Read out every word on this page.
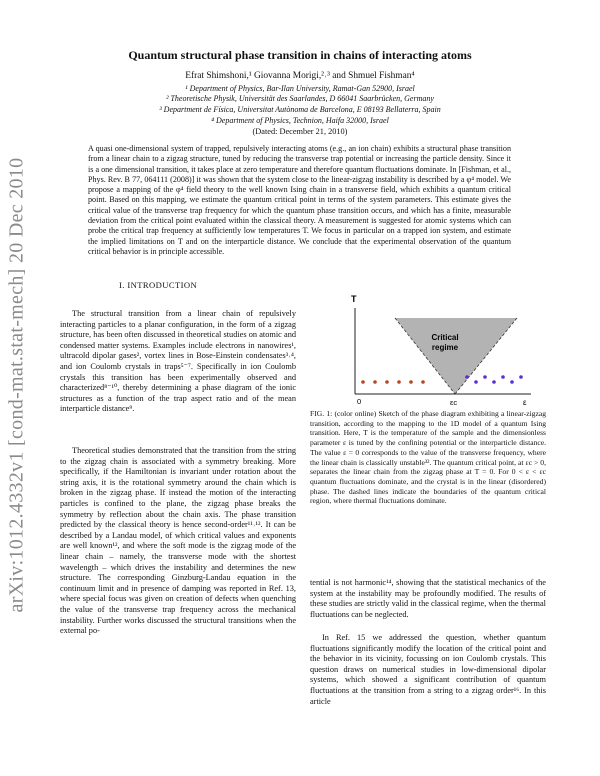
arXiv:1012.4332v1 [cond-mat.stat-mech] 20 Dec 2010
Quantum structural phase transition in chains of interacting atoms
Efrat Shimshoni,¹ Giovanna Morigi,²˒³ and Shmuel Fishman⁴
¹ Department of Physics, Bar-Ilan University, Ramat-Gan 52900, Israel
² Theoretische Physik, Universität des Saarlandes, D 66041 Saarbrücken, Germany
³ Department de Física, Universitat Autònoma de Barcelona, E 08193 Bellaterra, Spain
⁴ Department of Physics, Technion, Haifa 32000, Israel
(Dated: December 21, 2010)

A quasi one-dimensional system of trapped, repulsively interacting atoms (e.g., an ion chain) exhibits a structural phase transition from a linear chain to a zigzag structure, tuned by reducing the transverse trap potential or increasing the particle density. Since it is a one dimensional transition, it takes place at zero temperature and therefore quantum fluctuations dominate. In [Fishman, et al., Phys. Rev. B 77, 064111 (2008)] it was shown that the system close to the linear-zigzag instability is described by a φ⁴ model. We propose a mapping of the φ⁴ field theory to the well known Ising chain in a transverse field, which exhibits a quantum critical point. Based on this mapping, we estimate the quantum critical point in terms of the system parameters. This estimate gives the critical value of the transverse trap frequency for which the quantum phase transition occurs, and which has a finite, measurable deviation from the critical point evaluated within the classical theory. A measurement is suggested for atomic systems which can probe the critical trap frequency at sufficiently low temperatures T. We focus in particular on a trapped ion system, and estimate the implied limitations on T and on the interparticle distance. We conclude that the experimental observation of the quantum critical behavior is in principle accessible.

I. INTRODUCTION

The structural transition from a linear chain of repulsively interacting particles to a planar configuration, in the form of a zigzag structure, has been often discussed in theoretical studies on atomic and condensed matter systems. Examples include electrons in nanowires¹, ultracold dipolar gases², vortex lines in Bose-Einstein condensates³˒⁴, and ion Coulomb crystals in traps⁵⁻⁷. Specifically in ion Coulomb crystals this transition has been experimentally observed and characterized⁸⁻¹⁰, thereby determining a phase diagram of the ionic structures as a function of the trap aspect ratio and of the mean interparticle distance⁹.

Theoretical studies demonstrated that the transition from the string to the zigzag chain is associated with a symmetry breaking. More specifically, if the Hamiltonian is invariant under rotation about the string axis, it is the rotational symmetry around the chain which is broken in the zigzag phase. If instead the motion of the interacting particles is confined to the plane, the zigzag phase breaks the symmetry by reflection about the chain axis. The phase transition predicted by the classical theory is hence second-order¹¹˒¹². It can be described by a Landau model, of which critical values and exponents are well known¹², and where the soft mode is the zigzag mode of the linear chain – namely, the transverse mode with the shortest wavelength – which drives the instability and determines the new structure. The corresponding Ginzburg-Landau equation in the continuum limit and in presence of damping was reported in Ref. 13, where special focus was given on creation of defects when quenching the value of the transverse trap frequency across the mechanical instability. Further works discussed the structural transitions when the external po-

T
Critical
regime
0	εc	ε

FIG. 1: (color online) Sketch of the phase diagram exhibiting a linear-zigzag transition, according to the mapping to the 1D model of a quantum Ising transition. Here, T is the temperature of the sample and the dimensionless parameter ε is tuned by the confining potential or the interparticle distance. The value ε = 0 corresponds to the value of the transverse frequency, where the linear chain is classically unstable³². The quantum critical point, at εc > 0, separates the linear chain from the zigzag phase at T = 0. For 0 < ε < εc quantum fluctuations dominate, and the crystal is in the linear (disordered) phase. The dashed lines indicate the boundaries of the quantum critical region, where thermal fluctuations dominate.

tential is not harmonic¹⁴, showing that the statistical mechanics of the system at the instability may be profoundly modified. The results of these studies are strictly valid in the classical regime, when the thermal fluctuations can be neglected.

In Ref. 15 we addressed the question, whether quantum fluctuations significantly modify the location of the critical point and the behavior in its vicinity, focussing on ion Coulomb crystals. This question draws on numerical studies in low-dimensional dipolar systems, which showed a significant contribution of quantum fluctuations at the transition from a string to a zigzag order¹⁶. In this article
